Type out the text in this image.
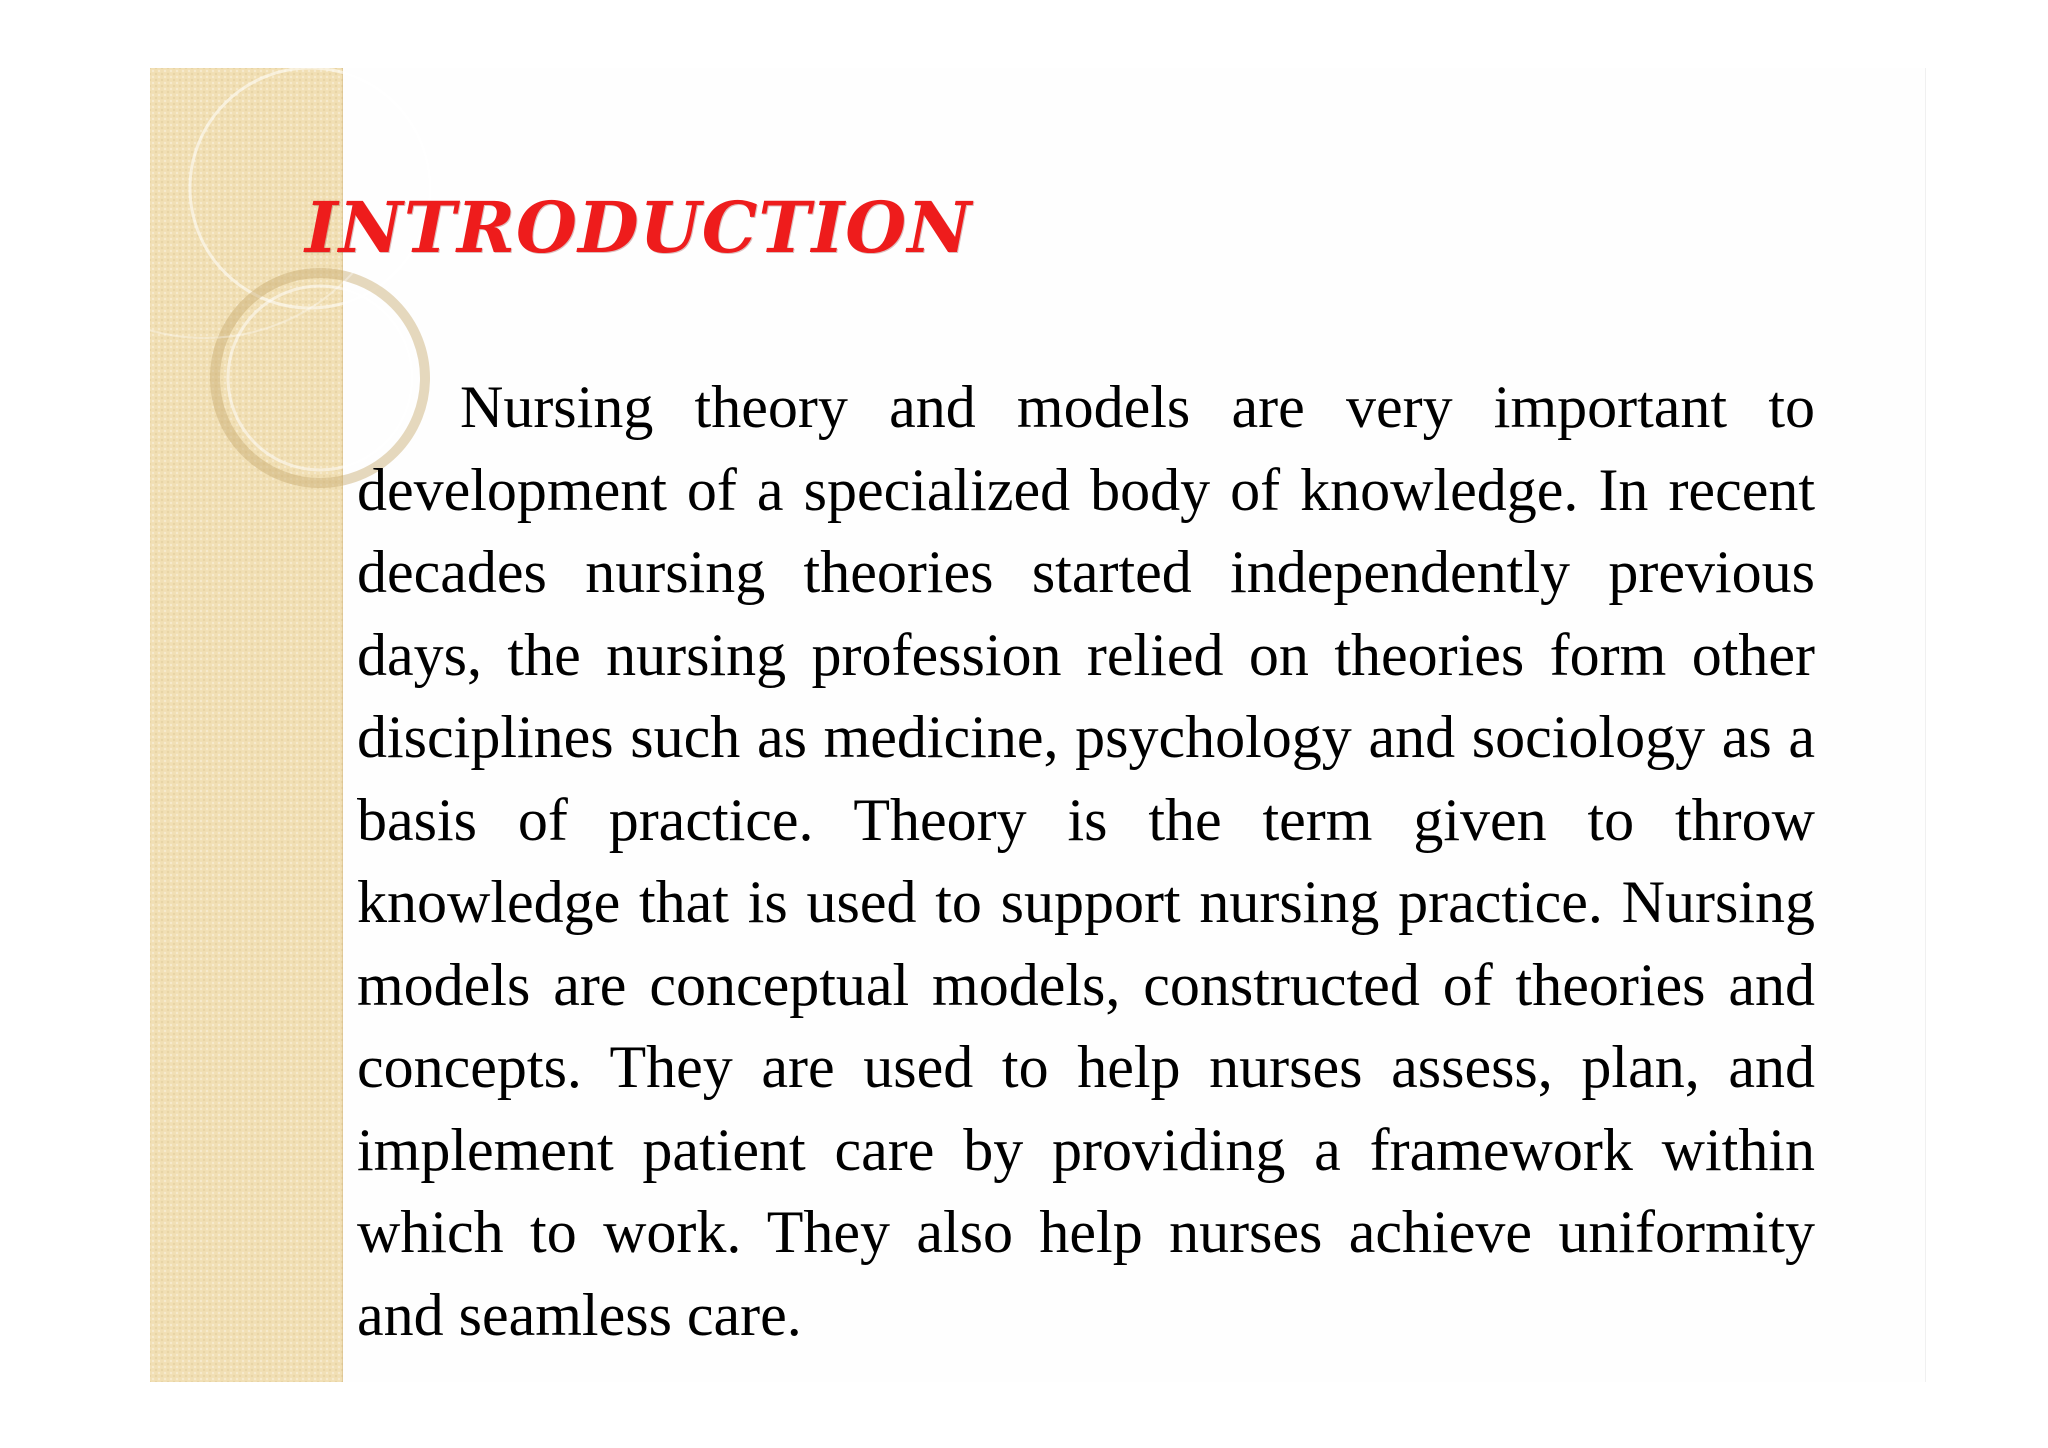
INTRODUCTION

Nursing theory and models are very important to development of a specialized body of knowledge. In recent decades nursing theories started independently previous days, the nursing profession relied on theories form other disciplines such as medicine, psychology and sociology as a basis of practice. Theory is the term given to throw knowledge that is used to support nursing practice. Nursing models are conceptual models, constructed of theories and concepts. They are used to help nurses assess, plan, and implement patient care by providing a framework within which to work. They also help nurses achieve uniformity and seamless care.
